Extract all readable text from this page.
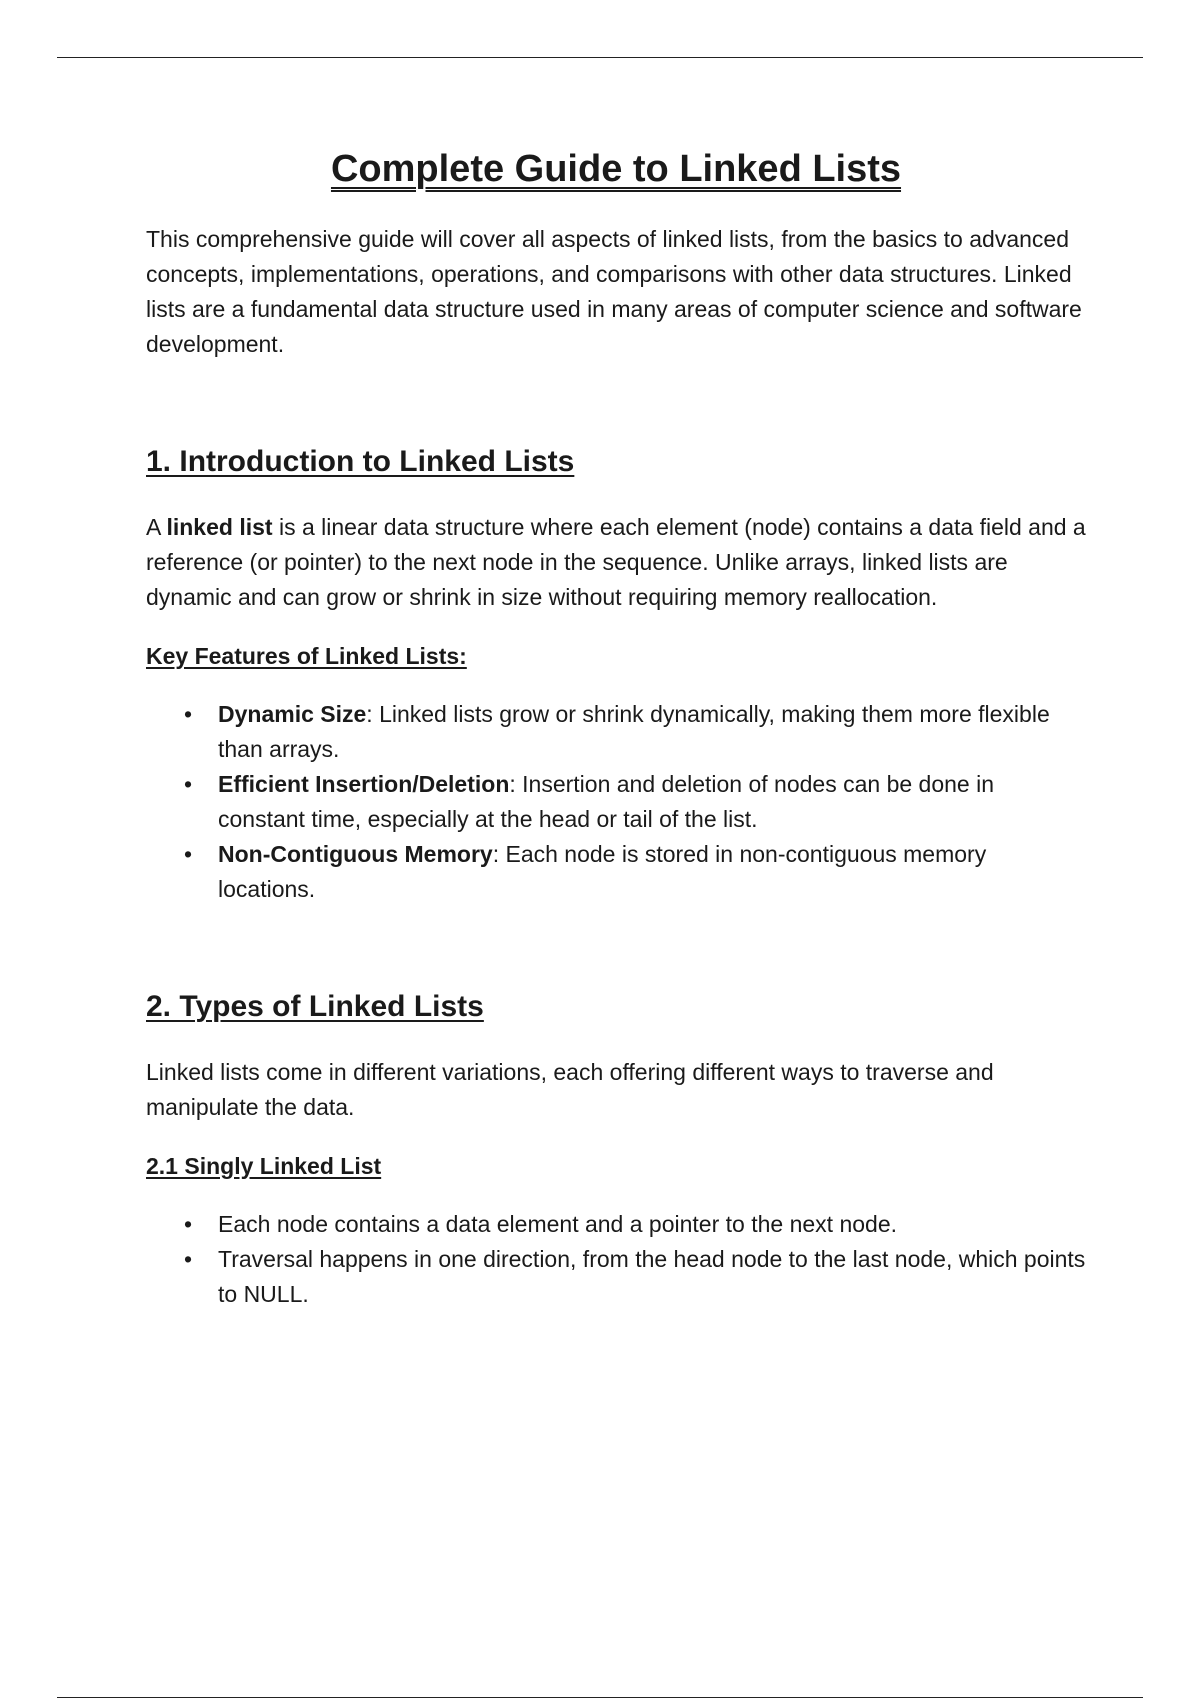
Complete Guide to Linked Lists

This comprehensive guide will cover all aspects of linked lists, from the basics to advanced concepts, implementations, operations, and comparisons with other data structures. Linked lists are a fundamental data structure used in many areas of computer science and software development.

1. Introduction to Linked Lists

A linked list is a linear data structure where each element (node) contains a data field and a reference (or pointer) to the next node in the sequence. Unlike arrays, linked lists are dynamic and can grow or shrink in size without requiring memory reallocation.

Key Features of Linked Lists:
• Dynamic Size: Linked lists grow or shrink dynamically, making them more flexible than arrays.
• Efficient Insertion/Deletion: Insertion and deletion of nodes can be done in constant time, especially at the head or tail of the list.
• Non-Contiguous Memory: Each node is stored in non-contiguous memory locations.
2. Types of Linked Lists

Linked lists come in different variations, each offering different ways to traverse and manipulate the data.

2.1 Singly Linked List
• Each node contains a data element and a pointer to the next node.
• Traversal happens in one direction, from the head node to the last node, which points to NULL.
